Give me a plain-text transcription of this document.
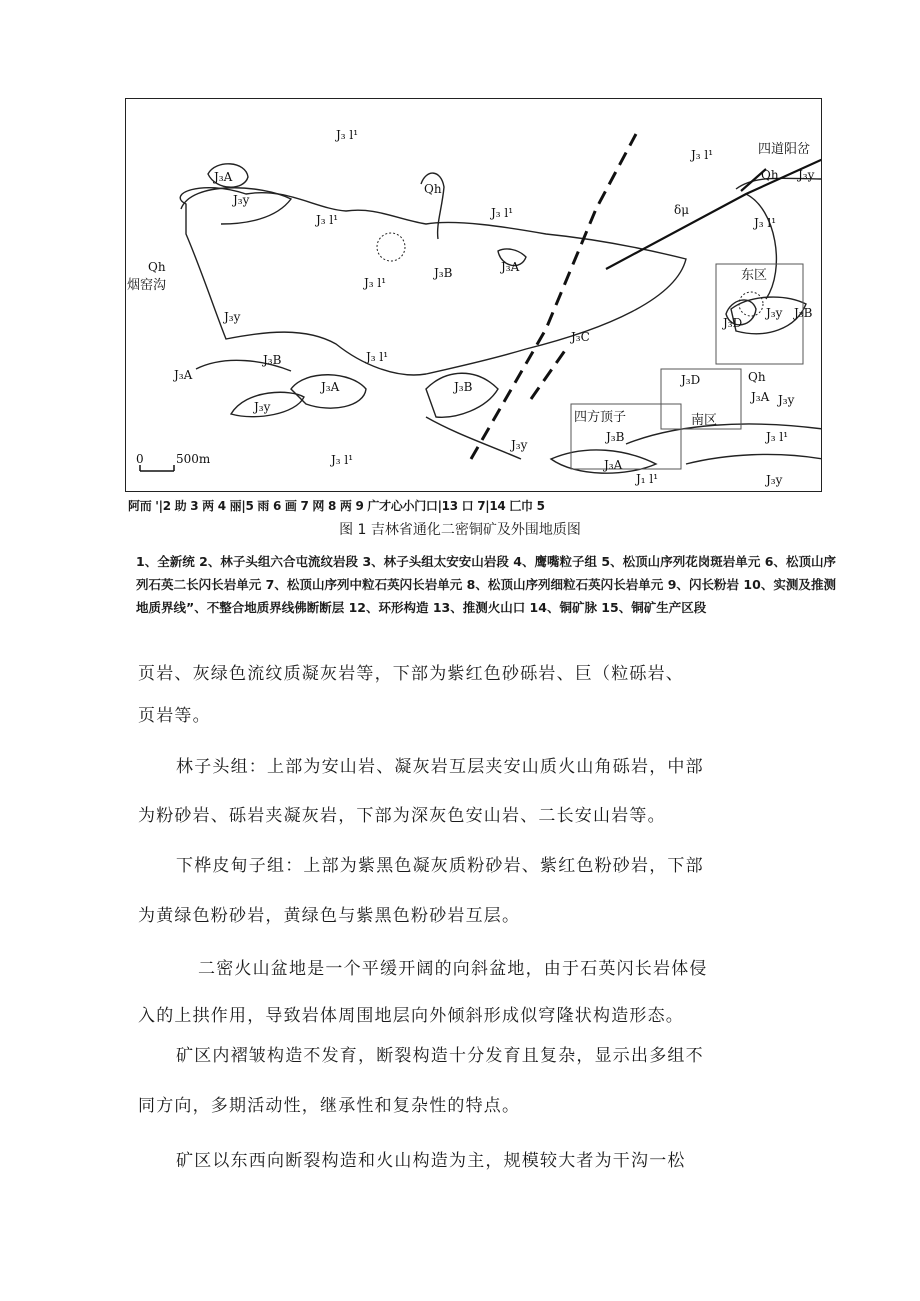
J₃ l¹
J₃ l¹
J₃ l¹	J₃ l¹
J₃ l¹
J₃ l¹
J₃ l¹
J₃ l¹
J₃ l¹
J₁ l¹
J₃A
J₃A
J₃A
J₃A
J₃A
J₃A
J₃y
J₃y
J₃y
J₃y
J₃y
J₃y
J₃y
J₃y
J₃B
J₃B
J₃B
J₃B
J₃B
J₃C
J₃D
J₃D
Qh
Qh
Qh
Qh
δμ
四道阳岔
烟窑沟
东区
南区
四方顶子
0	500m
阿而 '|2 助 3 两 4 丽|5 雨 6 画 7 网 8 两 9 广才心小门口|13 口 7|14 匚巾 5
图 1 吉林省通化二密铜矿及外围地质图
1、全新统 2、林子头组六合屯流纹岩段 3、林子头组太安安山岩段 4、鹰嘴粒子组 5、松顶山序列花岗斑岩单元 6、松顶山序列石英二长闪长岩单元 7、松顶山序列中粒石英闪长岩单元 8、松顶山序列细粒石英闪长岩单元 9、闪长粉岩 10、实测及推测地质界线”、不整合地质界线佛断断层 12、环形构造 13、推测火山口 14、铜矿脉 15、铜矿生产区段

页岩、灰绿色流纹质凝灰岩等，下部为紫红色砂砾岩、巨（粒砾岩、

页岩等。

林子头组：上部为安山岩、凝灰岩互层夹安山质火山角砾岩，中部

为粉砂岩、砾岩夹凝灰岩，下部为深灰色安山岩、二长安山岩等。

下桦皮甸子组：上部为紫黑色凝灰质粉砂岩、紫红色粉砂岩，下部

为黄绿色粉砂岩，黄绿色与紫黑色粉砂岩互层。

二密火山盆地是一个平缓开阔的向斜盆地，由于石英闪长岩体侵

入的上拱作用，导致岩体周围地层向外倾斜形成似穹隆状构造形态。

矿区内褶皱构造不发育，断裂构造十分发育且复杂，显示出多组不

同方向，多期活动性，继承性和复杂性的特点。

矿区以东西向断裂构造和火山构造为主，规模较大者为干沟一松
